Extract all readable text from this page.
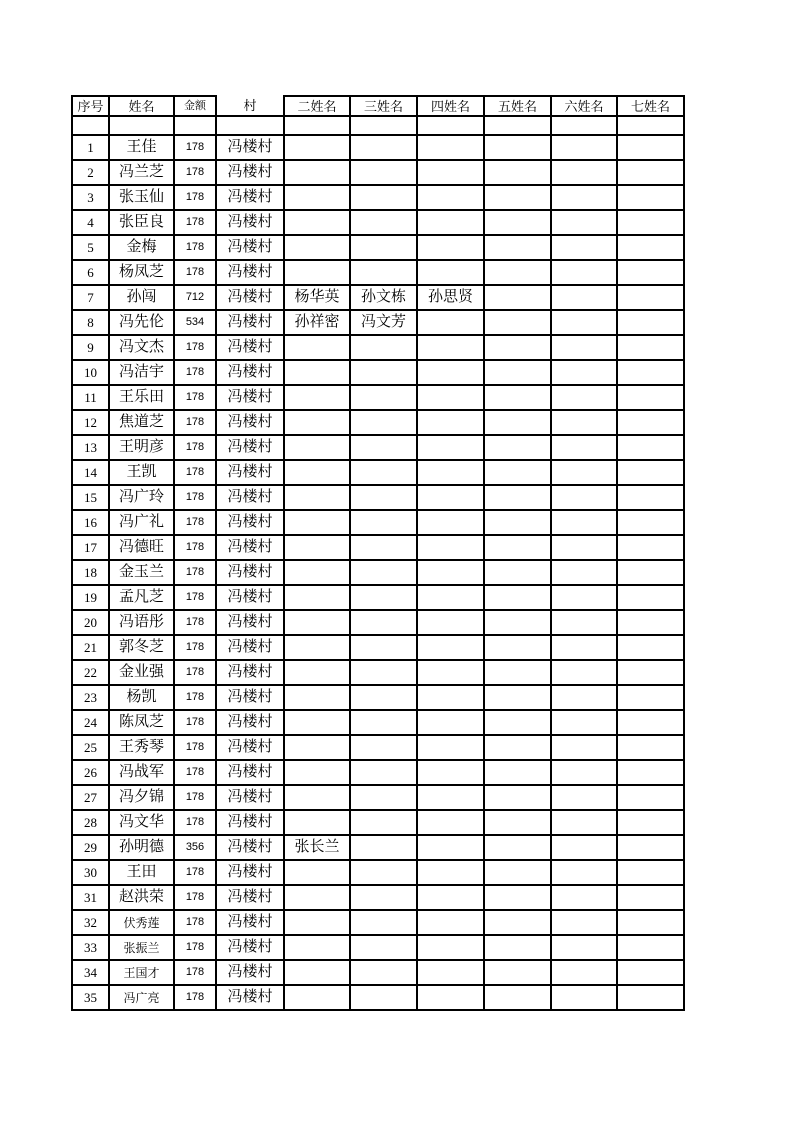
序号	姓名	金额	村	二姓名	三姓名	四姓名	五姓名	六姓名	七姓名

1	王佳	178	冯楼村						
2	冯兰芝	178	冯楼村						
3	张玉仙	178	冯楼村						
4	张臣良	178	冯楼村						
5	金梅	178	冯楼村						
6	杨凤芝	178	冯楼村						
7	孙闯	712	冯楼村	杨华英	孙文栋	孙思贤			
8	冯先伦	534	冯楼村	孙祥密	冯文芳				
9	冯文杰	178	冯楼村						
10	冯洁宇	178	冯楼村						
11	王乐田	178	冯楼村						
12	焦道芝	178	冯楼村						
13	王明彦	178	冯楼村						
14	王凯	178	冯楼村						
15	冯广玲	178	冯楼村						
16	冯广礼	178	冯楼村						
17	冯德旺	178	冯楼村						
18	金玉兰	178	冯楼村						
19	孟凡芝	178	冯楼村						
20	冯语彤	178	冯楼村						
21	郭冬芝	178	冯楼村						
22	金业强	178	冯楼村						
23	杨凯	178	冯楼村						
24	陈凤芝	178	冯楼村						
25	王秀琴	178	冯楼村						
26	冯战军	178	冯楼村						
27	冯夕锦	178	冯楼村						
28	冯文华	178	冯楼村						
29	孙明德	356	冯楼村	张长兰					
30	王田	178	冯楼村						
31	赵洪荣	178	冯楼村						
32	伏秀莲	178	冯楼村						
33	张振兰	178	冯楼村						
34	王国才	178	冯楼村						
35	冯广亮	178	冯楼村						
